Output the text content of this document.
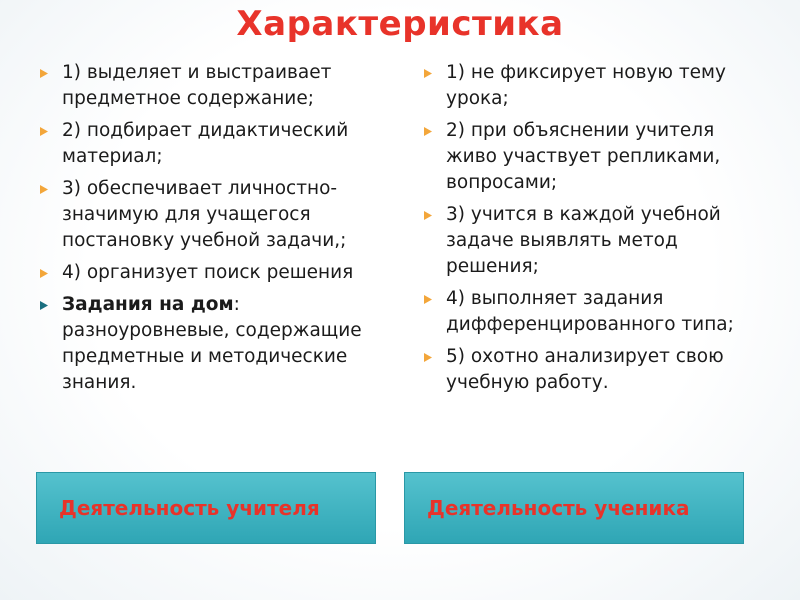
Характеристика
1) выделяет и выстраивает предметное содержание;
2) подбирает дидактический материал;
3) обеспечивает личностно-значимую для учащегося постановку учебной задачи,;
4) организует поиск решения
Задания на дом: разноуровневые, содержащие предметные и методические знания.
1) не фиксирует новую тему урока;
2) при объяснении учителя живо участвует репликами, вопросами;
3) учится в каждой учебной задаче выявлять метод решения;
4) выполняет задания дифференцированного типа;
5) охотно анализирует свою учебную работу.
Деятельность учителя	Деятельность ученика
